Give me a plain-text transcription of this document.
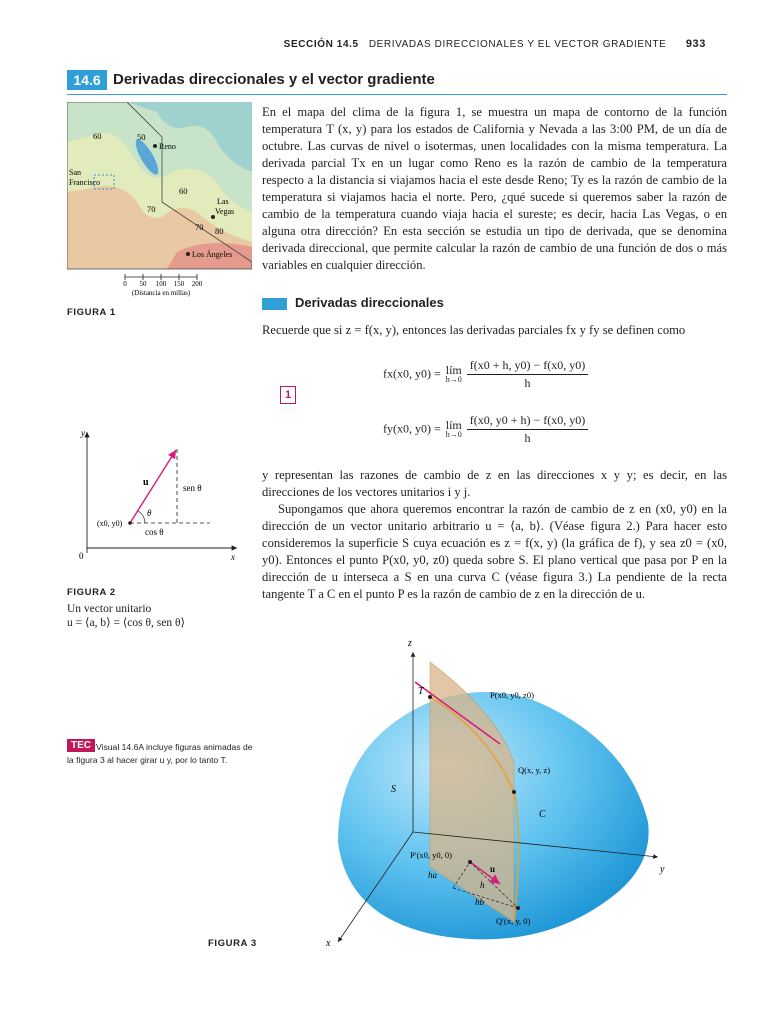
SECCIÓN 14.5 DERIVADAS DIRECCIONALES Y EL VECTOR GRADIENTE 933
14.6 Derivadas direccionales y el vector gradiente
60	50
60
70
70 80
Reno
San
Francisco
Las
Vegas
Los Ángeles
0 50 100 150 200
(Distancia en millas)
FIGURA 1
En el mapa del clima de la figura 1, se muestra un mapa de contorno de la función temperatura T (x, y) para los estados de California y Nevada a las 3:00 PM, de un día de octubre. Las curvas de nivel o isotermas, unen localidades con la misma temperatura. La derivada parcial Tx en un lugar como Reno es la razón de cambio de la temperatura respecto a la distancia si viajamos hacia el este desde Reno; Ty es la razón de cambio de la temperatura si viajamos hacia el norte. Pero, ¿qué sucede si queremos saber la razón de cambio de la temperatura cuando viaja hacia el sureste; es decir, hacia Las Vegas, o en alguna otra dirección? En esta sección se estudia un tipo de derivada, que se denomina derivada direccional, que permite calcular la razón de cambio de una función de dos o más variables en cualquier dirección.
Derivadas direccionales
Recuerde que si z = f(x, y), entonces las derivadas parciales fx y fy se definen como
1
fx(x0, y0) = lím
h→0
$\frac{f(x0 + h, y0) - f(x0, y0)}{h}$
fy(x0, y0) = lím
h→0
$\frac{f(x0, y0 + h) - f(x0, y0)}{h}$
y representan las razones de cambio de z en las direcciones x y y; es decir, en las direcciones de los vectores unitarios i y j.
Supongamos que ahora queremos encontrar la razón de cambio de z en (x0, y0) en la dirección de un vector unitario arbitrario u = ⟨a, b⟩. (Véase figura 2.) Para hacer esto consideremos la superficie S cuya ecuación es z = f(x, y) (la gráfica de f), y sea z0 = (x0, y0). Entonces el punto P(x0, y0, z0) queda sobre S. El plano vertical que pasa por P en la dirección de u interseca a S en una curva C (véase figura 3.) La pendiente de la recta tangente T a C en el punto P es la razón de cambio de z en la dirección de u.
y
x
0
u
θ
(x0, y0)
sen θ
cos θ
FIGURA 2
Un vector unitario
u = ⟨a, b⟩ = ⟨cos θ, sen θ⟩
Visual 14.6A incluye figuras animadas de la figura 3 al hacer girar u y, por lo tanto T.
TEC
z
y
x
S
C
T	P(x0, y0, z0)
Q(x, y, z)
P′(x0, y0, 0)
Q′(x, y, 0)
u
ha
hb
h
FIGURA 3
